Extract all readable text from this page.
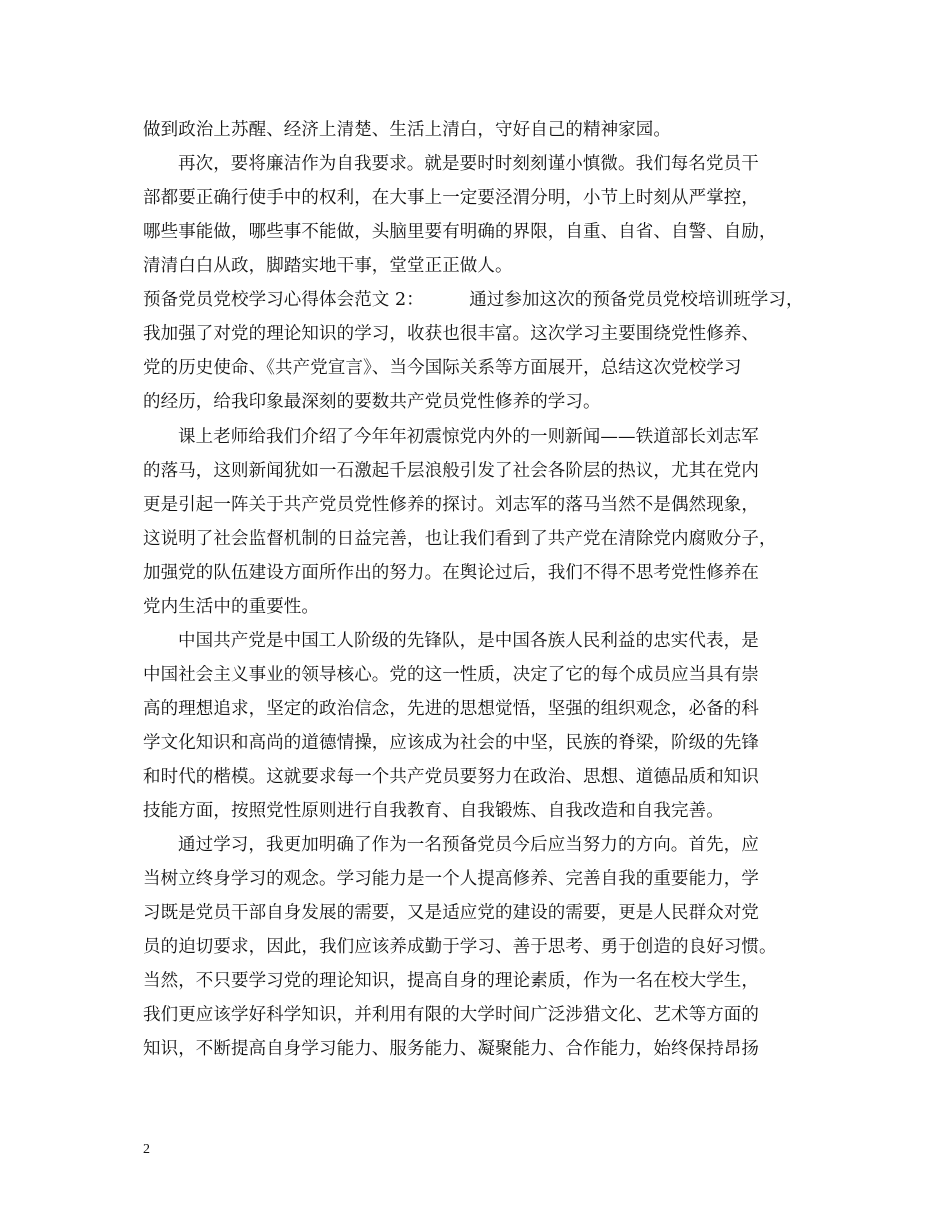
做到政治上苏醒、经济上清楚、生活上清白，守好自己的精神家园。
再次，要将廉洁作为自我要求。就是要时时刻刻谨小慎微。我们每名党员干
部都要正确行使手中的权利，在大事上一定要泾渭分明，小节上时刻从严掌控，
哪些事能做，哪些事不能做，头脑里要有明确的界限，自重、自省、自警、自励，
清清白白从政，脚踏实地干事，堂堂正正做人。
预备党员党校学习心得体会范文 2：        通过参加这次的预备党员党校培训班学习，
我加强了对党的理论知识的学习，收获也很丰富。这次学习主要围绕党性修养、
党的历史使命、《共产党宣言》、当今国际关系等方面展开，总结这次党校学习
的经历，给我印象最深刻的要数共产党员党性修养的学习。
课上老师给我们介绍了今年年初震惊党内外的一则新闻——铁道部长刘志军
的落马，这则新闻犹如一石激起千层浪般引发了社会各阶层的热议，尤其在党内
更是引起一阵关于共产党员党性修养的探讨。刘志军的落马当然不是偶然现象，
这说明了社会监督机制的日益完善，也让我们看到了共产党在清除党内腐败分子，
加强党的队伍建设方面所作出的努力。在舆论过后，我们不得不思考党性修养在
党内生活中的重要性。
中国共产党是中国工人阶级的先锋队，是中国各族人民利益的忠实代表，是
中国社会主义事业的领导核心。党的这一性质，决定了它的每个成员应当具有崇
高的理想追求，坚定的政治信念，先进的思想觉悟，坚强的组织观念，必备的科
学文化知识和高尚的道德情操，应该成为社会的中坚，民族的脊梁，阶级的先锋
和时代的楷模。这就要求每一个共产党员要努力在政治、思想、道德品质和知识
技能方面，按照党性原则进行自我教育、自我锻炼、自我改造和自我完善。
通过学习，我更加明确了作为一名预备党员今后应当努力的方向。首先，应
当树立终身学习的观念。学习能力是一个人提高修养、完善自我的重要能力，学
习既是党员干部自身发展的需要，又是适应党的建设的需要，更是人民群众对党
员的迫切要求，因此，我们应该养成勤于学习、善于思考、勇于创造的良好习惯。
当然，不只要学习党的理论知识，提高自身的理论素质，作为一名在校大学生，
我们更应该学好科学知识，并利用有限的大学时间广泛涉猎文化、艺术等方面的
知识，不断提高自身学习能力、服务能力、凝聚能力、合作能力，始终保持昂扬
2
